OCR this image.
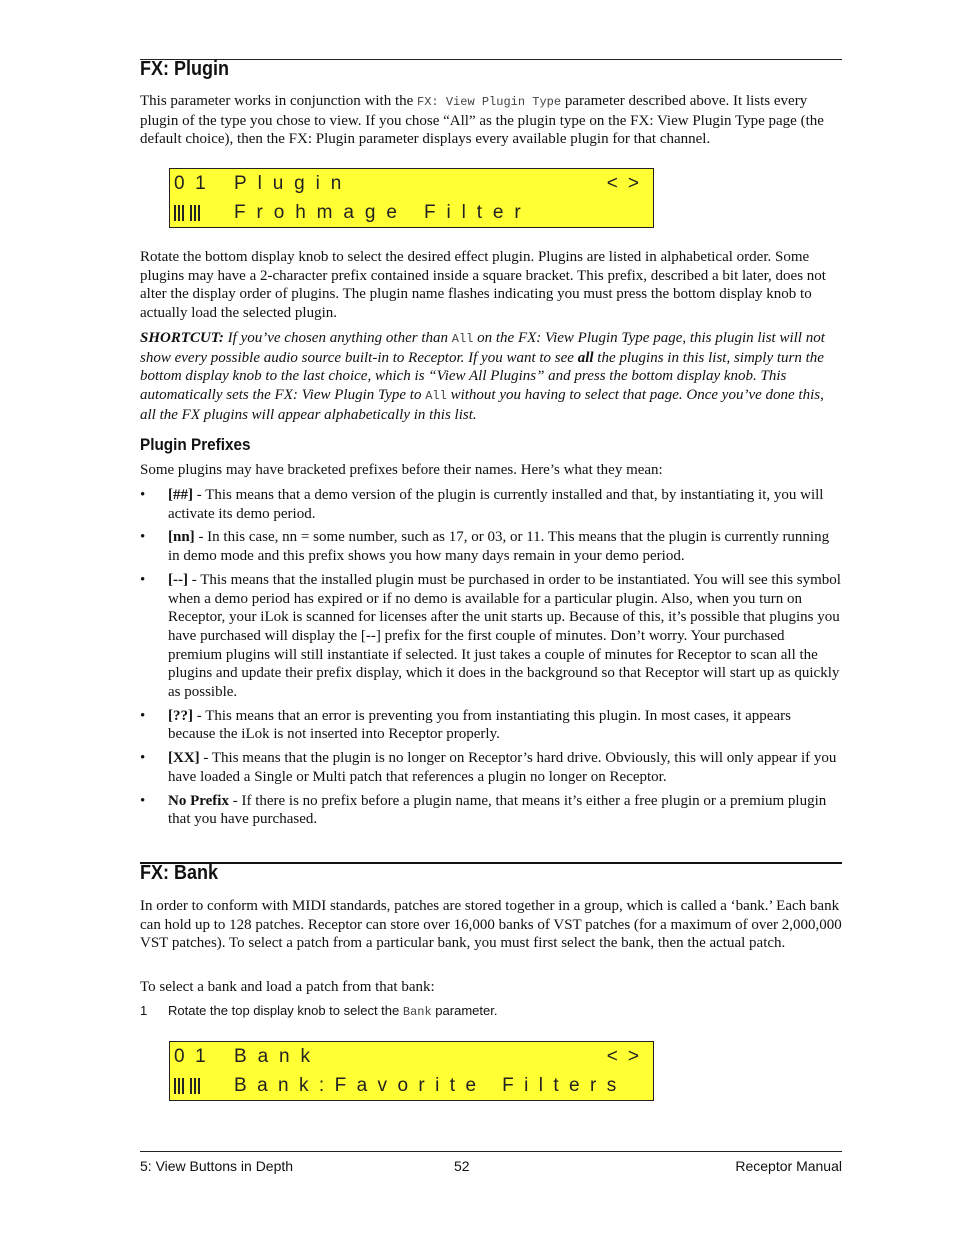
FX: Plugin

This parameter works in conjunction with the FX: View Plugin Type parameter described above. It lists every plugin of the type you chose to view. If you chose “All” as the plugin type on the FX: View Plugin Type page (the default choice), then the FX: Plugin parameter displays every available plugin for that channel.

01 Plugin	<>
Frohmage Filter

Rotate the bottom display knob to select the desired effect plugin. Plugins are listed in alphabetical order. Some plugins may have a 2-character prefix contained inside a square bracket. This prefix, described a bit later, does not alter the display order of plugins. The plugin name flashes indicating you must press the bottom display knob to actually load the selected plugin.

SHORTCUT: If you’ve chosen anything other than All on the FX: View Plugin Type page, this plugin list will not show every possible audio source built-in to Receptor. If you want to see all the plugins in this list, simply turn the bottom display knob to the last choice, which is “View All Plugins” and press the bottom display knob. This automatically sets the FX: View Plugin Type to All without you having to select that page. Once you’ve done this, all the FX plugins will appear alphabetically in this list.

Plugin Prefixes

Some plugins may have bracketed prefixes before their names. Here’s what they mean:

• [##] - This means that a demo version of the plugin is currently installed and that, by instantiating it, you will activate its demo period.
• [nn] - In this case, nn = some number, such as 17, or 03, or 11. This means that the plugin is currently running in demo mode and this prefix shows you how many days remain in your demo period.
• [--] - This means that the installed plugin must be purchased in order to be instantiated. You will see this symbol when a demo period has expired or if no demo is available for a particular plugin. Also, when you turn on Receptor, your iLok is scanned for licenses after the unit starts up. Because of this, it’s possible that plugins you have purchased will display the [--] prefix for the first couple of minutes. Don’t worry. Your purchased premium plugins will still instantiate if selected. It just takes a couple of minutes for Receptor to scan all the plugins and update their prefix display, which it does in the background so that Receptor will start up as quickly as possible.
• [??] - This means that an error is preventing you from instantiating this plugin. In most cases, it appears because the iLok is not inserted into Receptor properly.
• [XX] - This means that the plugin is no longer on Receptor’s hard drive. Obviously, this will only appear if you have loaded a Single or Multi patch that references a plugin no longer on Receptor.
• No Prefix - If there is no prefix before a plugin name, that means it’s either a free plugin or a premium plugin that you have purchased.
FX: Bank

In order to conform with MIDI standards, patches are stored together in a group, which is called a ‘bank.’ Each bank can hold up to 128 patches. Receptor can store over 16,000 banks of VST patches (for a maximum of over 2,000,000 VST patches). To select a patch from a particular bank, you must first select the bank, then the actual patch.

To select a bank and load a patch from that bank:

1 Rotate the top display knob to select the Bank parameter.
01 Bank	<>
Bank:Favorite Filters
5: View Buttons in Depth	52	Receptor Manual
